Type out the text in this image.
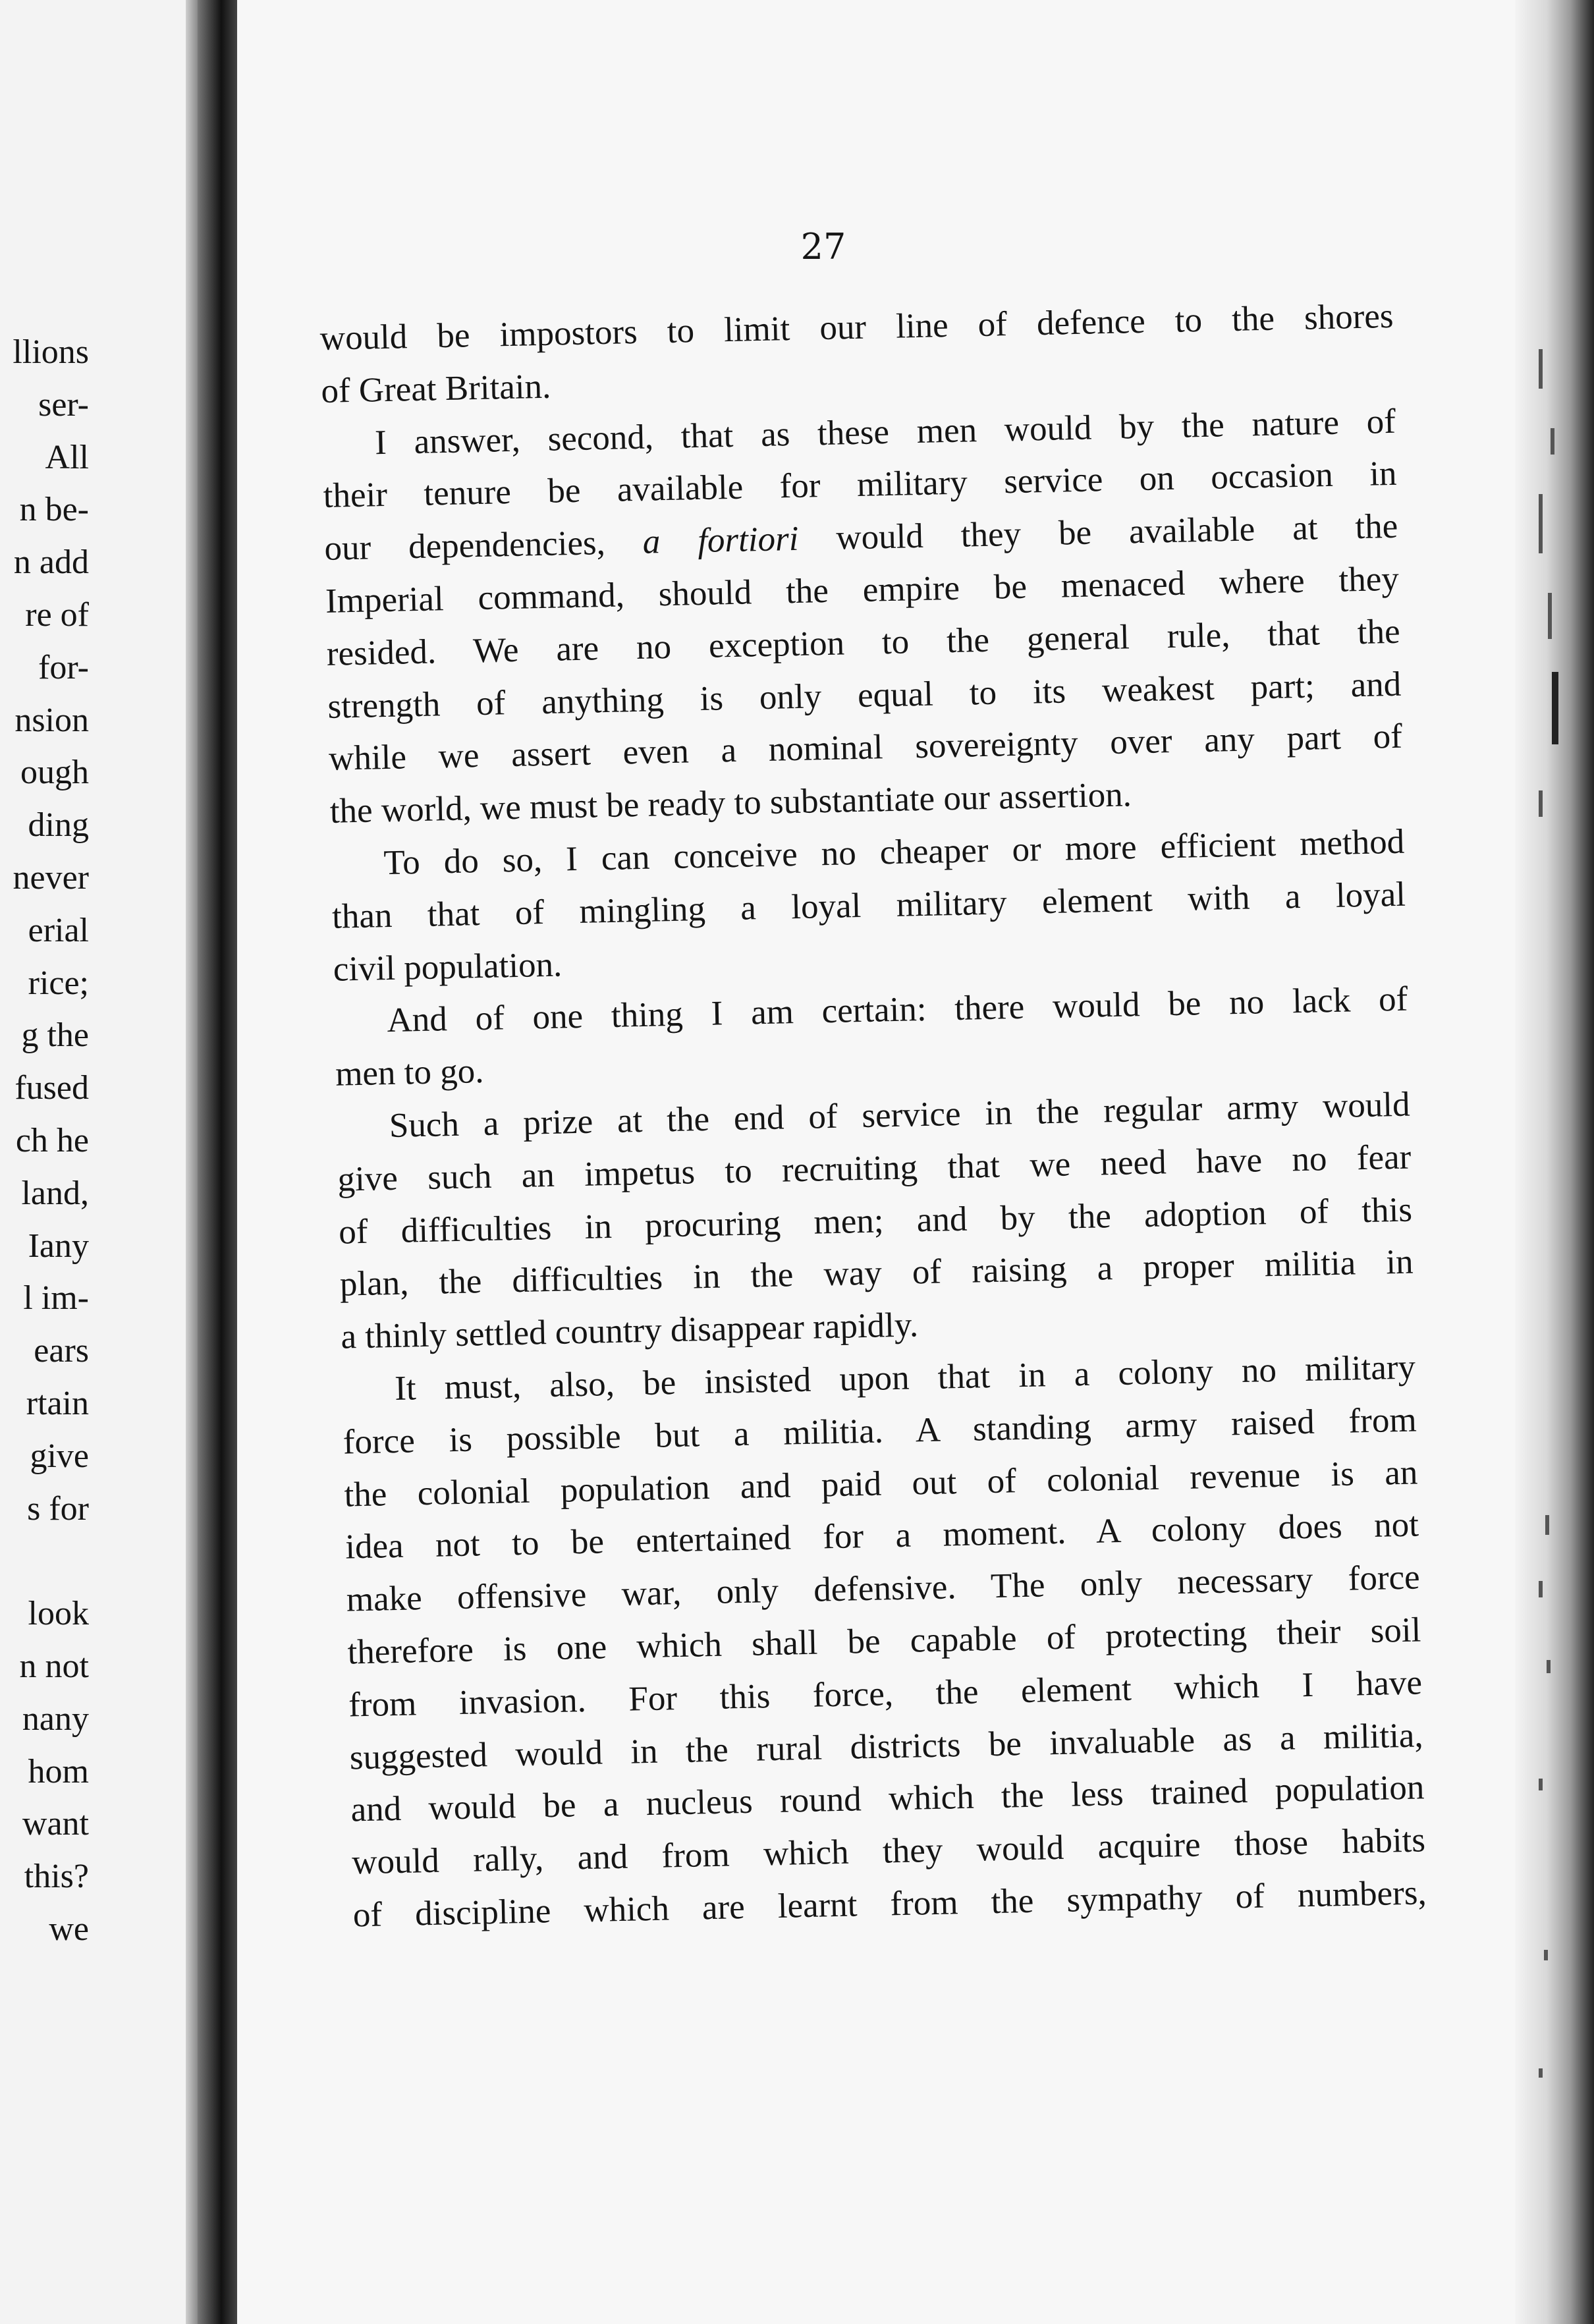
llions
ser-
All
n be-
n add
re of
for-
nsion
ough
ding
never
erial
rice;
g the
fused
ch he
land,
Iany
l im-
ears
rtain
give
s for

look
n not
nany
hom
want
this?
we
27
would be impostors to limit our line of defence to the shores
of Great Britain.
I answer, second, that as these men would by the nature of
their tenure be available for military service on occasion in
our dependencies, a fortiori would they be available at the
Imperial command, should the empire be menaced where they
resided. We are no exception to the general rule, that the
strength of anything is only equal to its weakest part; and
while we assert even a nominal sovereignty over any part of
the world, we must be ready to substantiate our assertion.
To do so, I can conceive no cheaper or more efficient method
than that of mingling a loyal military element with a loyal
civil population.
And of one thing I am certain: there would be no lack of
men to go.
Such a prize at the end of service in the regular army would
give such an impetus to recruiting that we need have no fear
of difficulties in procuring men; and by the adoption of this
plan, the difficulties in the way of raising a proper militia in
a thinly settled country disappear rapidly.
It must, also, be insisted upon that in a colony no military
force is possible but a militia. A standing army raised from
the colonial population and paid out of colonial revenue is an
idea not to be entertained for a moment. A colony does not
make offensive war, only defensive. The only necessary force
therefore is one which shall be capable of protecting their soil
from invasion. For this force, the element which I have
suggested would in the rural districts be invaluable as a militia,
and would be a nucleus round which the less trained population
would rally, and from which they would acquire those habits
of discipline which are learnt from the sympathy of numbers,
